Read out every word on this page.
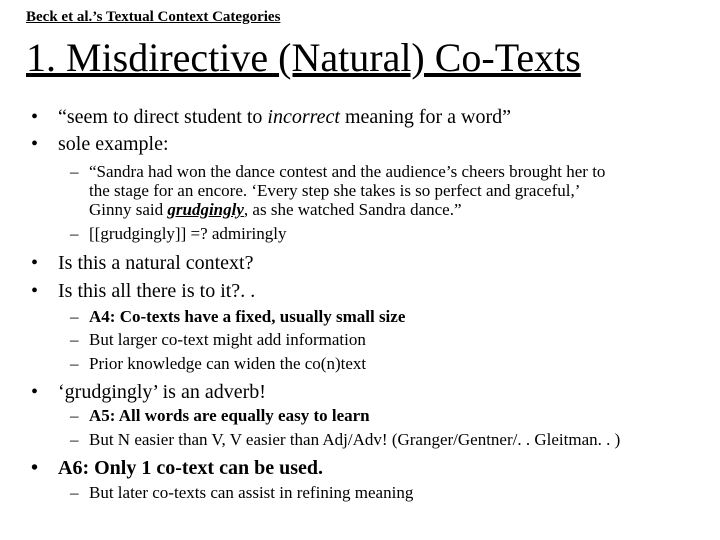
Beck et al.’s Textual Context Categories
1. Misdirective (Natural) Co-Texts
• “seem to direct student to incorrect meaning for a word”
• sole example:
– “Sandra had won the dance contest and the audience’s cheers brought her to
the stage for an encore. ‘Every step she takes is so perfect and graceful,’
Ginny said grudgingly, as she watched Sandra dance.”
– [[grudgingly]] =? admiringly
• Is this a natural context?
• Is this all there is to it?. .
– A4: Co-texts have a fixed, usually small size
– But larger co-text might add information
– Prior knowledge can widen the co(n)text
• ‘grudgingly’ is an adverb!
– A5: All words are equally easy to learn
– But N easier than V, V easier than Adj/Adv! (Granger/Gentner/. . Gleitman. . )
• A6: Only 1 co-text can be used.
– But later co-texts can assist in refining meaning
